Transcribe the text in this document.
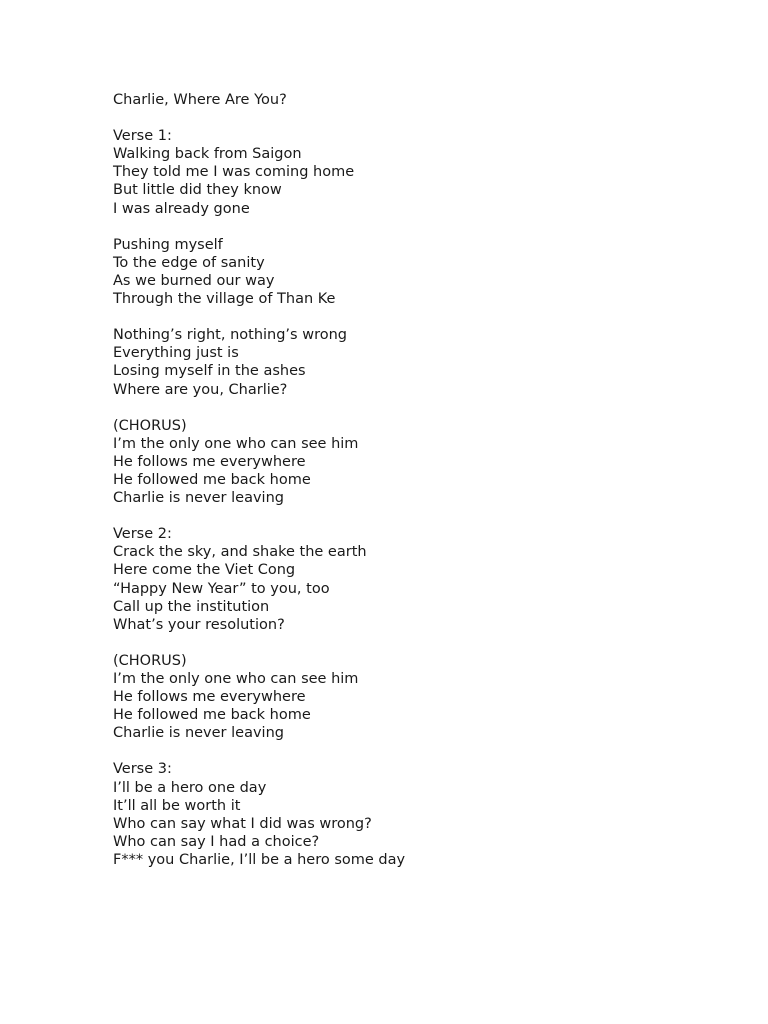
Charlie, Where Are You?
Verse 1:
Walking back from Saigon
They told me I was coming home
But little did they know
I was already gone
Pushing myself
To the edge of sanity
As we burned our way
Through the village of Than Ke
Nothing’s right, nothing’s wrong
Everything just is
Losing myself in the ashes
Where are you, Charlie?
(CHORUS)
I’m the only one who can see him
He follows me everywhere
He followed me back home
Charlie is never leaving
Verse 2:
Crack the sky, and shake the earth
Here come the Viet Cong
“Happy New Year” to you, too
Call up the institution
What’s your resolution?
(CHORUS)
I’m the only one who can see him
He follows me everywhere
He followed me back home
Charlie is never leaving
Verse 3:
I’ll be a hero one day
It’ll all be worth it
Who can say what I did was wrong?
Who can say I had a choice?
F*** you Charlie, I’ll be a hero some day
